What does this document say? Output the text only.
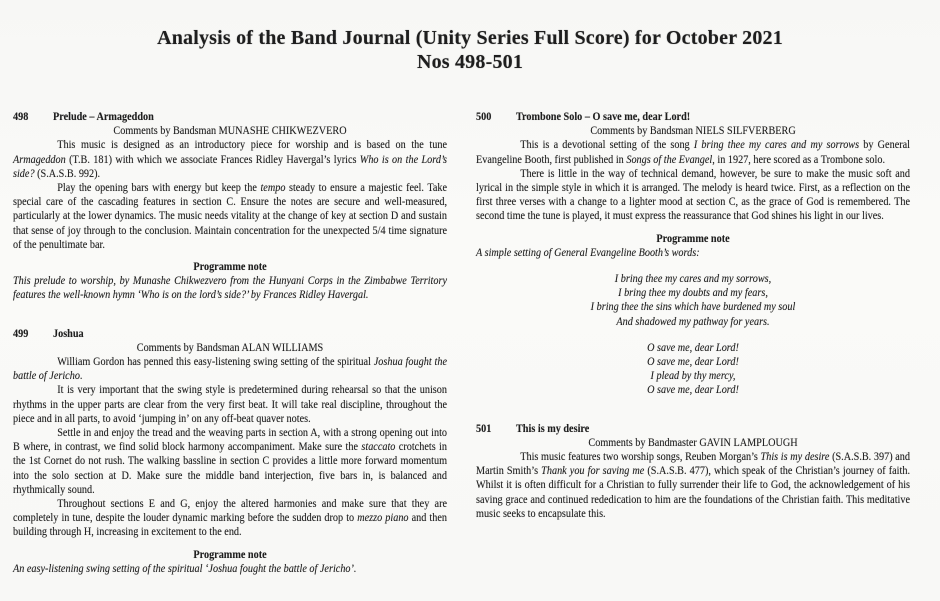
Analysis of the Band Journal (Unity Series Full Score) for October 2021
Nos 498-501
498	Prelude – Armageddon
Comments by Bandsman MUNASHE CHIKWEZVERO

This music is designed as an introductory piece for worship and is based on the tune Armageddon (T.B. 181) with which we associate Frances Ridley Havergal’s lyrics Who is on the Lord’s side? (S.A.S.B. 992).

Play the opening bars with energy but keep the tempo steady to ensure a majestic feel. Take special care of the cascading features in section C. Ensure the notes are secure and well-measured, particularly at the lower dynamics. The music needs vitality at the change of key at section D and sustain that sense of joy through to the conclusion. Maintain concentration for the unexpected 5/4 time signature of the penultimate bar.

Programme note

This prelude to worship, by Munashe Chikwezvero from the Hunyani Corps in the Zimbabwe Territory features the well-known hymn ‘Who is on the lord’s side?’ by Frances Ridley Havergal.

499	Joshua
Comments by Bandsman ALAN WILLIAMS

William Gordon has penned this easy-listening swing setting of the spiritual Joshua fought the battle of Jericho.

It is very important that the swing style is predetermined during rehearsal so that the unison rhythms in the upper parts are clear from the very first beat. It will take real discipline, throughout the piece and in all parts, to avoid ‘jumping in’ on any off-beat quaver notes.

Settle in and enjoy the tread and the weaving parts in section A, with a strong opening out into B where, in contrast, we find solid block harmony accompaniment. Make sure the staccato crotchets in the 1st Cornet do not rush. The walking bassline in section C provides a little more forward momentum into the solo section at D. Make sure the middle band interjection, five bars in, is balanced and rhythmically sound.

Throughout sections E and G, enjoy the altered harmonies and make sure that they are completely in tune, despite the louder dynamic marking before the sudden drop to mezzo piano and then building through H, increasing in excitement to the end.

Programme note

An easy-listening swing setting of the spiritual ‘Joshua fought the battle of Jericho’.

500	Trombone Solo – O save me, dear Lord!
Comments by Bandsman NIELS SILFVERBERG

This is a devotional setting of the song I bring thee my cares and my sorrows by General Evangeline Booth, first published in Songs of the Evangel, in 1927, here scored as a Trombone solo.

There is little in the way of technical demand, however, be sure to make the music soft and lyrical in the simple style in which it is arranged. The melody is heard twice. First, as a reflection on the first three verses with a change to a lighter mood at section C, as the grace of God is remembered. The second time the tune is played, it must express the reassurance that God shines his light in our lives.

Programme note

A simple setting of General Evangeline Booth’s words:

I bring thee my cares and my sorrows,
I bring thee my doubts and my fears,
I bring thee the sins which have burdened my soul
And shadowed my pathway for years.
O save me, dear Lord!
O save me, dear Lord!
I plead by thy mercy,
O save me, dear Lord!
501	This is my desire
Comments by Bandmaster GAVIN LAMPLOUGH

This music features two worship songs, Reuben Morgan’s This is my desire (S.A.S.B. 397) and Martin Smith’s Thank you for saving me (S.A.S.B. 477), which speak of the Christian’s journey of faith. Whilst it is often difficult for a Christian to fully surrender their life to God, the acknowledgement of his saving grace and continued rededication to him are the foundations of the Christian faith. This meditative music seeks to encapsulate this.
